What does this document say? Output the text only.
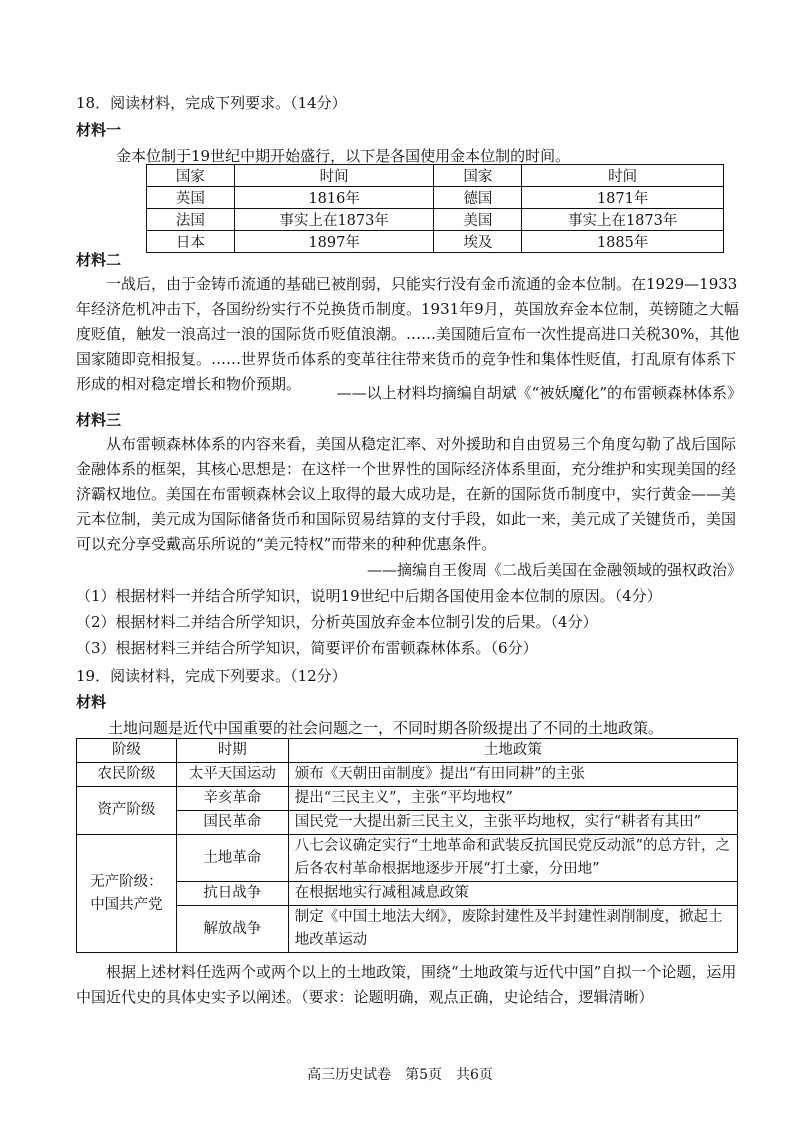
18．阅读材料，完成下列要求。（14分）
材料一
金本位制于19世纪中期开始盛行，以下是各国使用金本位制的时间。
国家	时间	国家	时间
英国	1816年	德国	1871年
法国	事实上在1873年	美国	事实上在1873年
日本	1897年	埃及	1885年
材料二
一战后，由于金铸币流通的基础已被削弱，只能实行没有金币流通的金本位制。在1929—1933年经济危机冲击下，各国纷纷实行不兑换货币制度。1931年9月，英国放弃金本位制，英镑随之大幅度贬值，触发一浪高过一浪的国际货币贬值浪潮。……美国随后宣布一次性提高进口关税30%，其他国家随即竞相报复。……世界货币体系的变革往往带来货币的竞争性和集体性贬值，打乱原有体系下形成的相对稳定增长和物价预期。	——以上材料均摘编自胡斌《“被妖魔化”的布雷顿森林体系》
材料三
从布雷顿森林体系的内容来看，美国从稳定汇率、对外援助和自由贸易三个角度勾勒了战后国际金融体系的框架，其核心思想是：在这样一个世界性的国际经济体系里面，充分维护和实现美国的经济霸权地位。美国在布雷顿森林会议上取得的最大成功是，在新的国际货币制度中，实行黄金——美元本位制，美元成为国际储备货币和国际贸易结算的支付手段，如此一来，美元成了关键货币，美国可以充分享受戴高乐所说的“美元特权”而带来的种种优惠条件。
——摘编自王俊周《二战后美国在金融领域的强权政治》
（1）根据材料一并结合所学知识，说明19世纪中后期各国使用金本位制的原因。（4分）
（2）根据材料二并结合所学知识，分析英国放弃金本位制引发的后果。（4分）
（3）根据材料三并结合所学知识，简要评价布雷顿森林体系。（6分）
19．阅读材料，完成下列要求。（12分）
材料
土地问题是近代中国重要的社会问题之一，不同时期各阶级提出了不同的土地政策。
阶级	时期	土地政策
农民阶级	太平天国运动	颁布《天朝田亩制度》提出“有田同耕”的主张
资产阶级	辛亥革命	提出“三民主义”，主张“平均地权”
	国民革命	国民党一大提出新三民主义，主张平均地权，实行“耕者有其田”

无产阶级：
中国共产党	土地革命	八七会议确定实行“土地革命和武装反抗国民党反动派”的总方针，之后各农村革命根据地逐步开展“打土豪，分田地”
	抗日战争	在根据地实行减租减息政策
	解放战争	制定《中国土地法大纲》，废除封建性及半封建性剥削制度，掀起土地改革运动
根据上述材料任选两个或两个以上的土地政策，围绕“土地政策与近代中国”自拟一个论题，运用中国近代史的具体史实予以阐述。（要求：论题明确，观点正确，史论结合，逻辑清晰）
高三历史试卷　第5页　共6页
